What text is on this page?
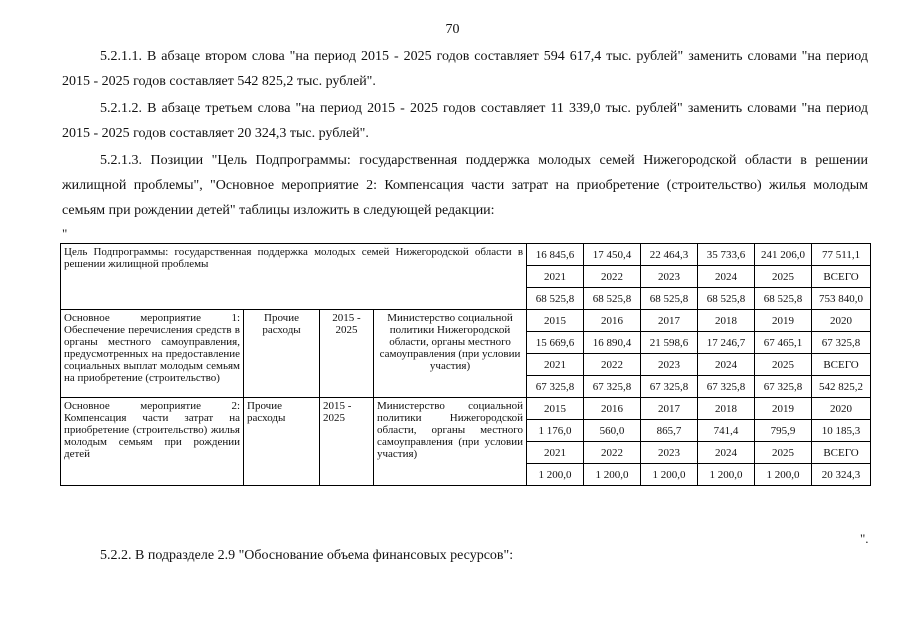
70

5.2.1.1. В абзаце втором слова "на период 2015 - 2025 годов составляет 594 617,4 тыс. рублей" заменить словами "на период 2015 - 2025 годов составляет 542 825,2 тыс. рублей".

5.2.1.2. В абзаце третьем слова "на период 2015 - 2025 годов составляет 11 339,0 тыс. рублей" заменить словами "на период 2015 - 2025 годов составляет 20 324,3 тыс. рублей".

5.2.1.3. Позиции "Цель Подпрограммы: государственная поддержка молодых семей Нижегородской области в решении жилищной проблемы", "Основное мероприятие 2: Компенсация части затрат на приобретение (строительство) жилья молодым семьям при рождении детей" таблицы изложить в следующей редакции:

"
Цель Подпрограммы: государственная поддержка молодых семей Нижегородской области в решении жилищной проблемы				16 845,6	17 450,4	22 464,3	35 733,6	241 206,0	77 511,1
				2021	2022	2023	2024	2025	ВСЕГО
				68 525,8	68 525,8	68 525,8	68 525,8	68 525,8	753 840,0
Основное мероприятие 1: Обеспечение перечисления средств в органы местного самоуправления, предусмотренных на предоставление социальных выплат молодым семьям на приобретение (строительство)	Прочие расходы	2015 - 2025	Министерство социальной политики Нижегородской области, органы местного самоуправления (при условии участия)	2015	2016	2017	2018	2019	2020
				15 669,6	16 890,4	21 598,6	17 246,7	67 465,1	67 325,8
				2021	2022	2023	2024	2025	ВСЕГО
				67 325,8	67 325,8	67 325,8	67 325,8	67 325,8	542 825,2
Основное мероприятие 2: Компенсация части затрат на приобретение (строительство) жилья молодым семьям при рождении детей	Прочие расходы	2015 - 2025	Министерство социальной политики Нижегородской области, органы местного самоуправления (при условии участия)	2015	2016	2017	2018	2019	2020
				1 176,0	560,0	865,7	741,4	795,9	10 185,3
				2021	2022	2023	2024	2025	ВСЕГО
				1 200,0	1 200,0	1 200,0	1 200,0	1 200,0	20 324,3
".

5.2.2. В подразделе 2.9 "Обоснование объема финансовых ресурсов":
